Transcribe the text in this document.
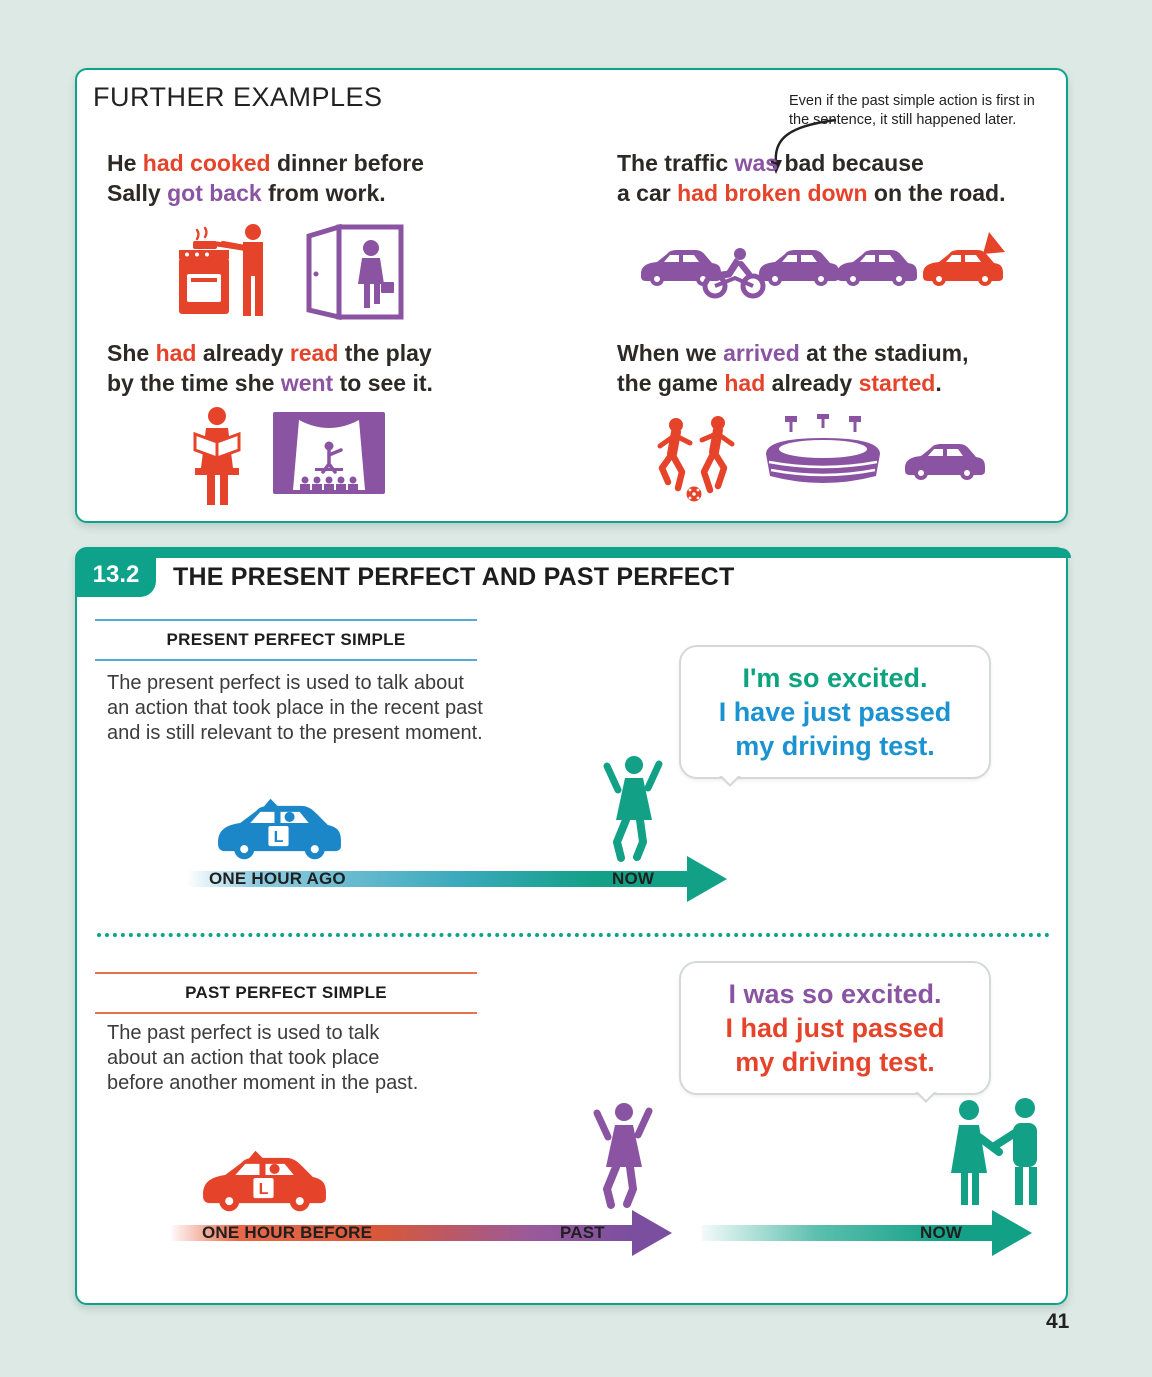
FURTHER EXAMPLES	Even if the past simple action is first in
the sentence, it still happened later.
He had cooked dinner before
Sally got back from work.
The traffic was bad because
a car had broken down on the road.
She had already read the play
by the time she went to see it.
When we arrived at the stadium,
the game had already started.
13.2	THE PRESENT PERFECT AND PAST PERFECT
PRESENT PERFECT SIMPLE
The present perfect is used to talk about
an action that took place in the recent past
and is still relevant to the present moment.
I'm so excited.
I have just passed
my driving test.
L
ONE HOUR AGO	NOW
PAST PERFECT SIMPLE
The past perfect is used to talk
about an action that took place
before another moment in the past.
I was so excited.
I had just passed
my driving test.
L
ONE HOUR BEFORE	PAST	NOW
41
